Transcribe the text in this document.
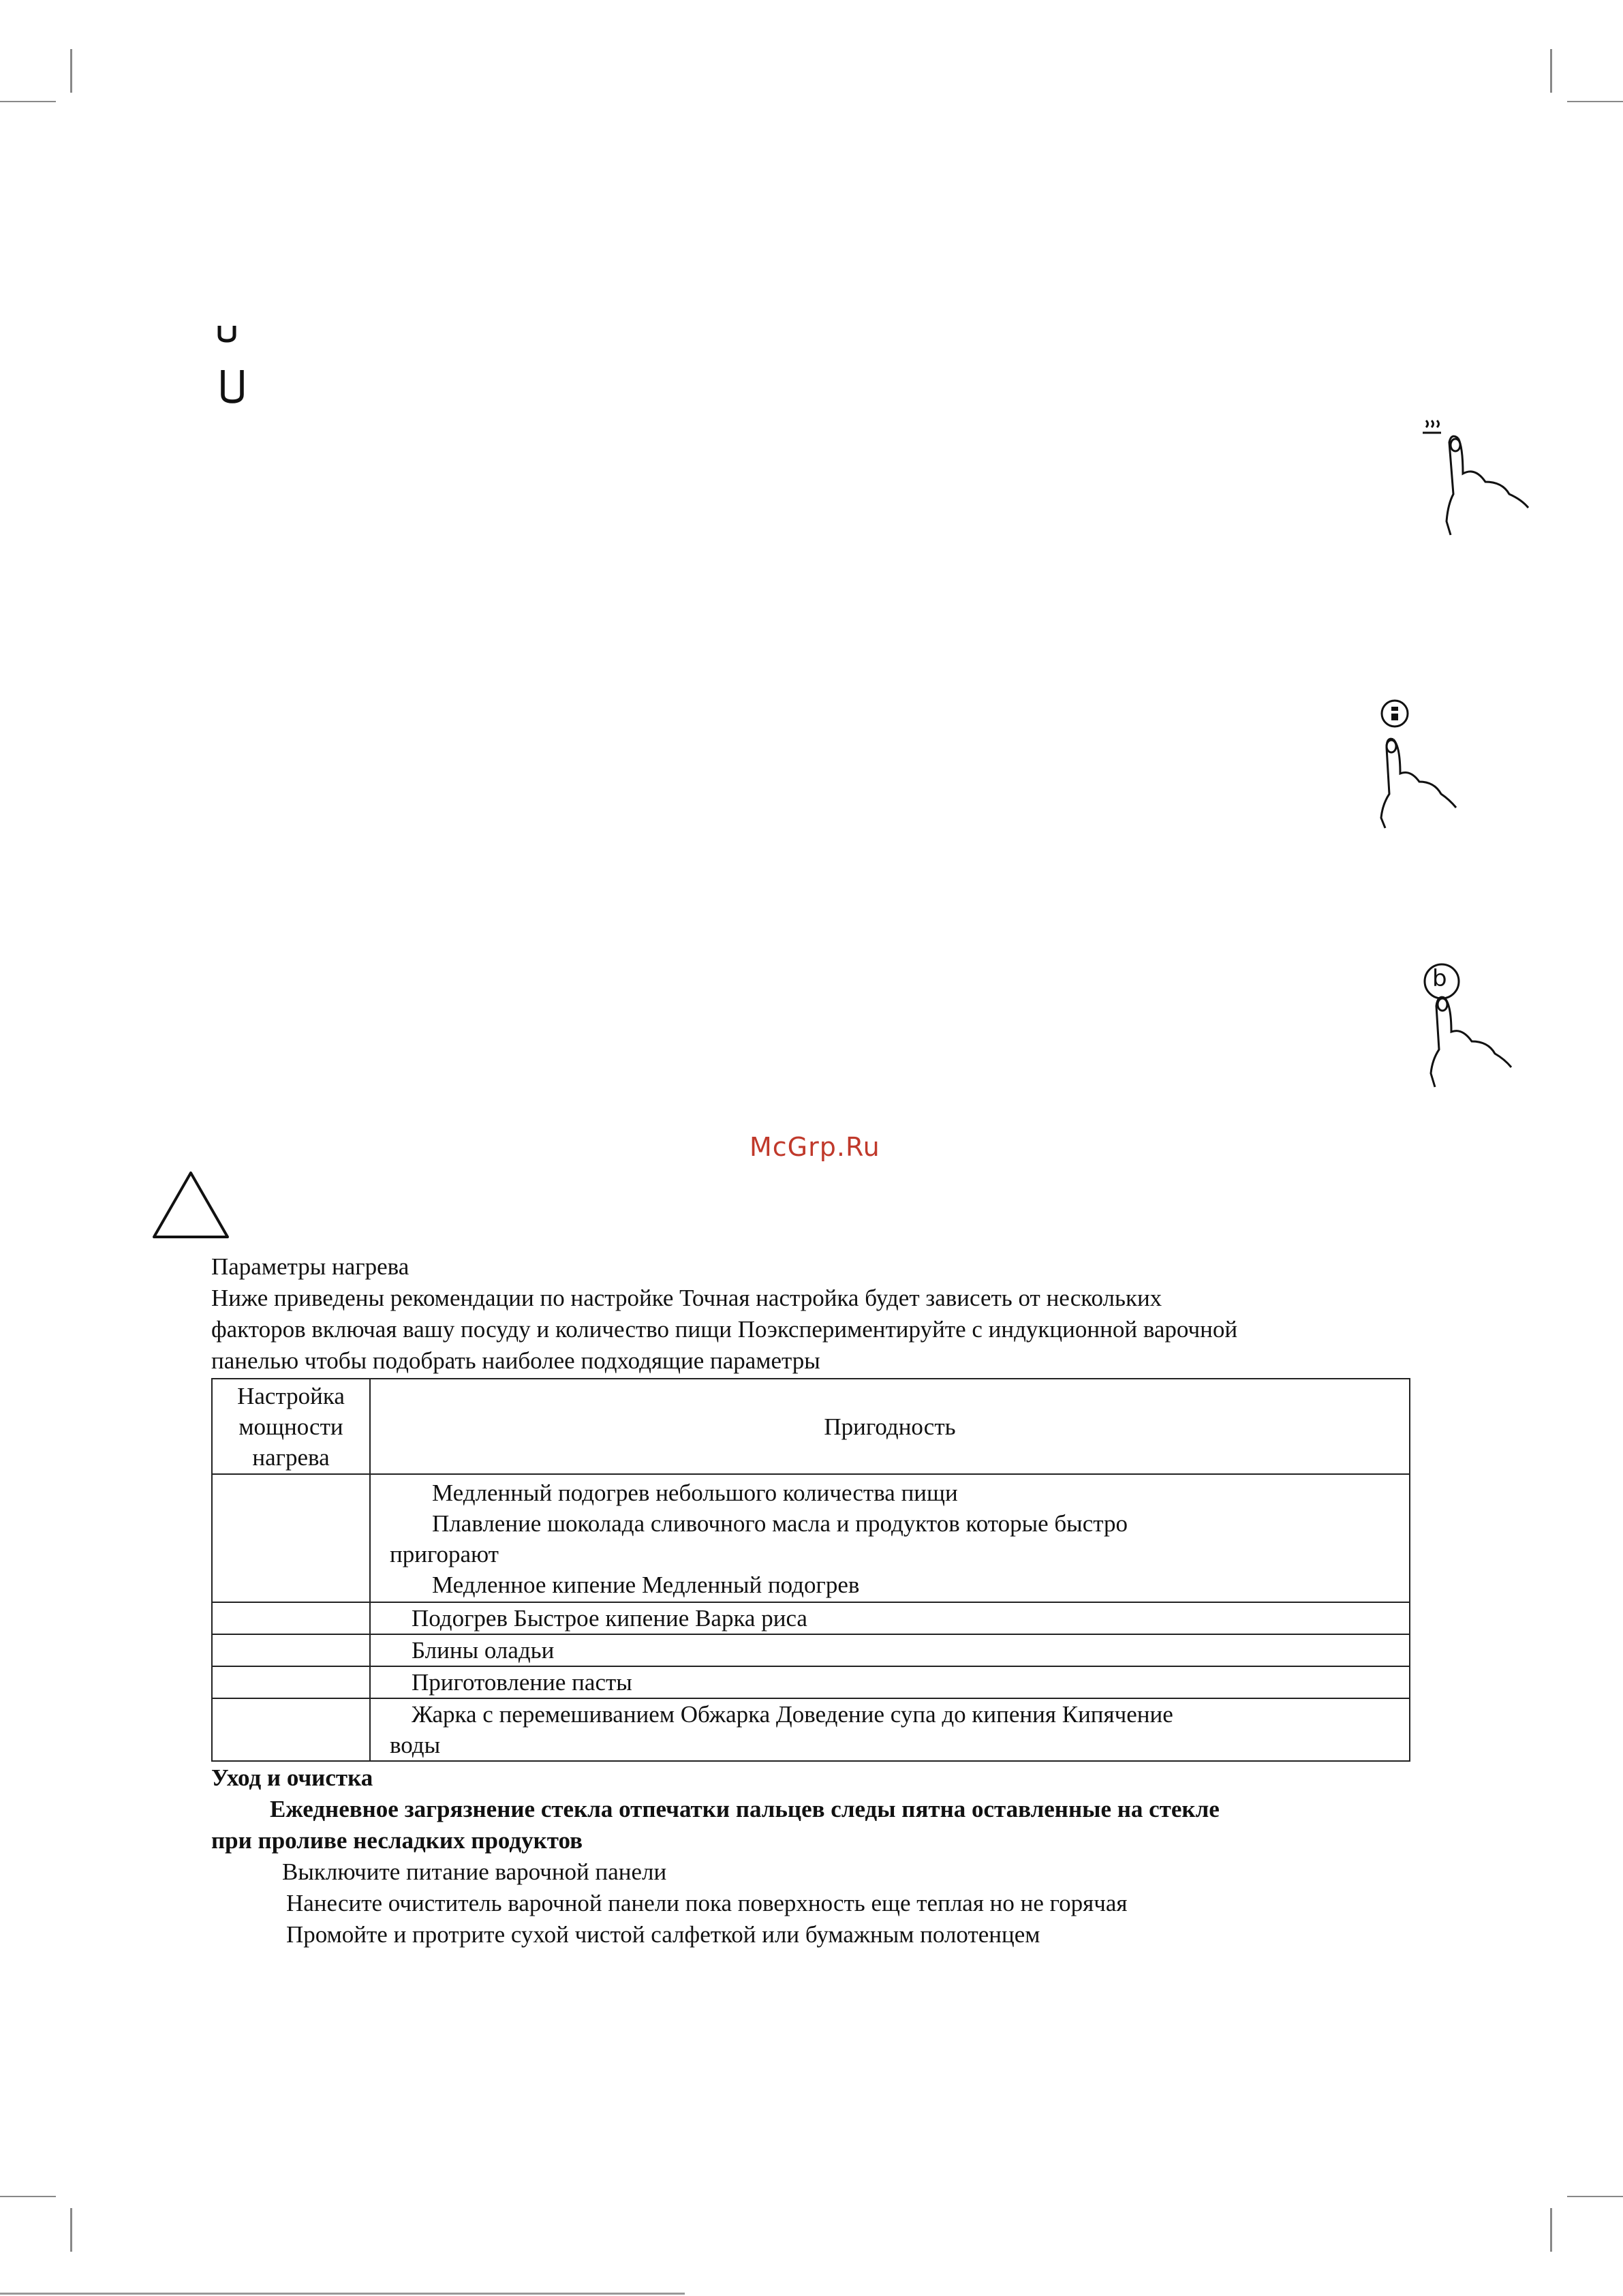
b
McGrp.Ru
Параметры нагрева
Ниже приведены рекомендации по настройке Точная настройка будет зависеть от нескольких
факторов включая вашу посуду и количество пищи Поэкспериментируйте с индукционной варочной
панелью чтобы подобрать наиболее подходящие параметры
Настройка
мощности
нагрева	Пригодность

	Медленный подогрев небольшого количества пищи
Плавление шоколада сливочного масла и продуктов которые быстро
пригорают
Медленное кипение Медленный подогрев

	Подогрев Быстрое кипение Варка риса

	Блины оладьи

	Приготовление пасты

	Жарка с перемешиванием Обжарка Доведение супа до кипения Кипячение
воды
Уход и очистка
Ежедневное загрязнение стекла отпечатки пальцев следы пятна оставленные на стекле
при проливе несладких продуктов
Выключите питание варочной панели
Нанесите очиститель варочной панели пока поверхность еще теплая но не горячая
Промойте и протрите сухой чистой салфеткой или бумажным полотенцем
